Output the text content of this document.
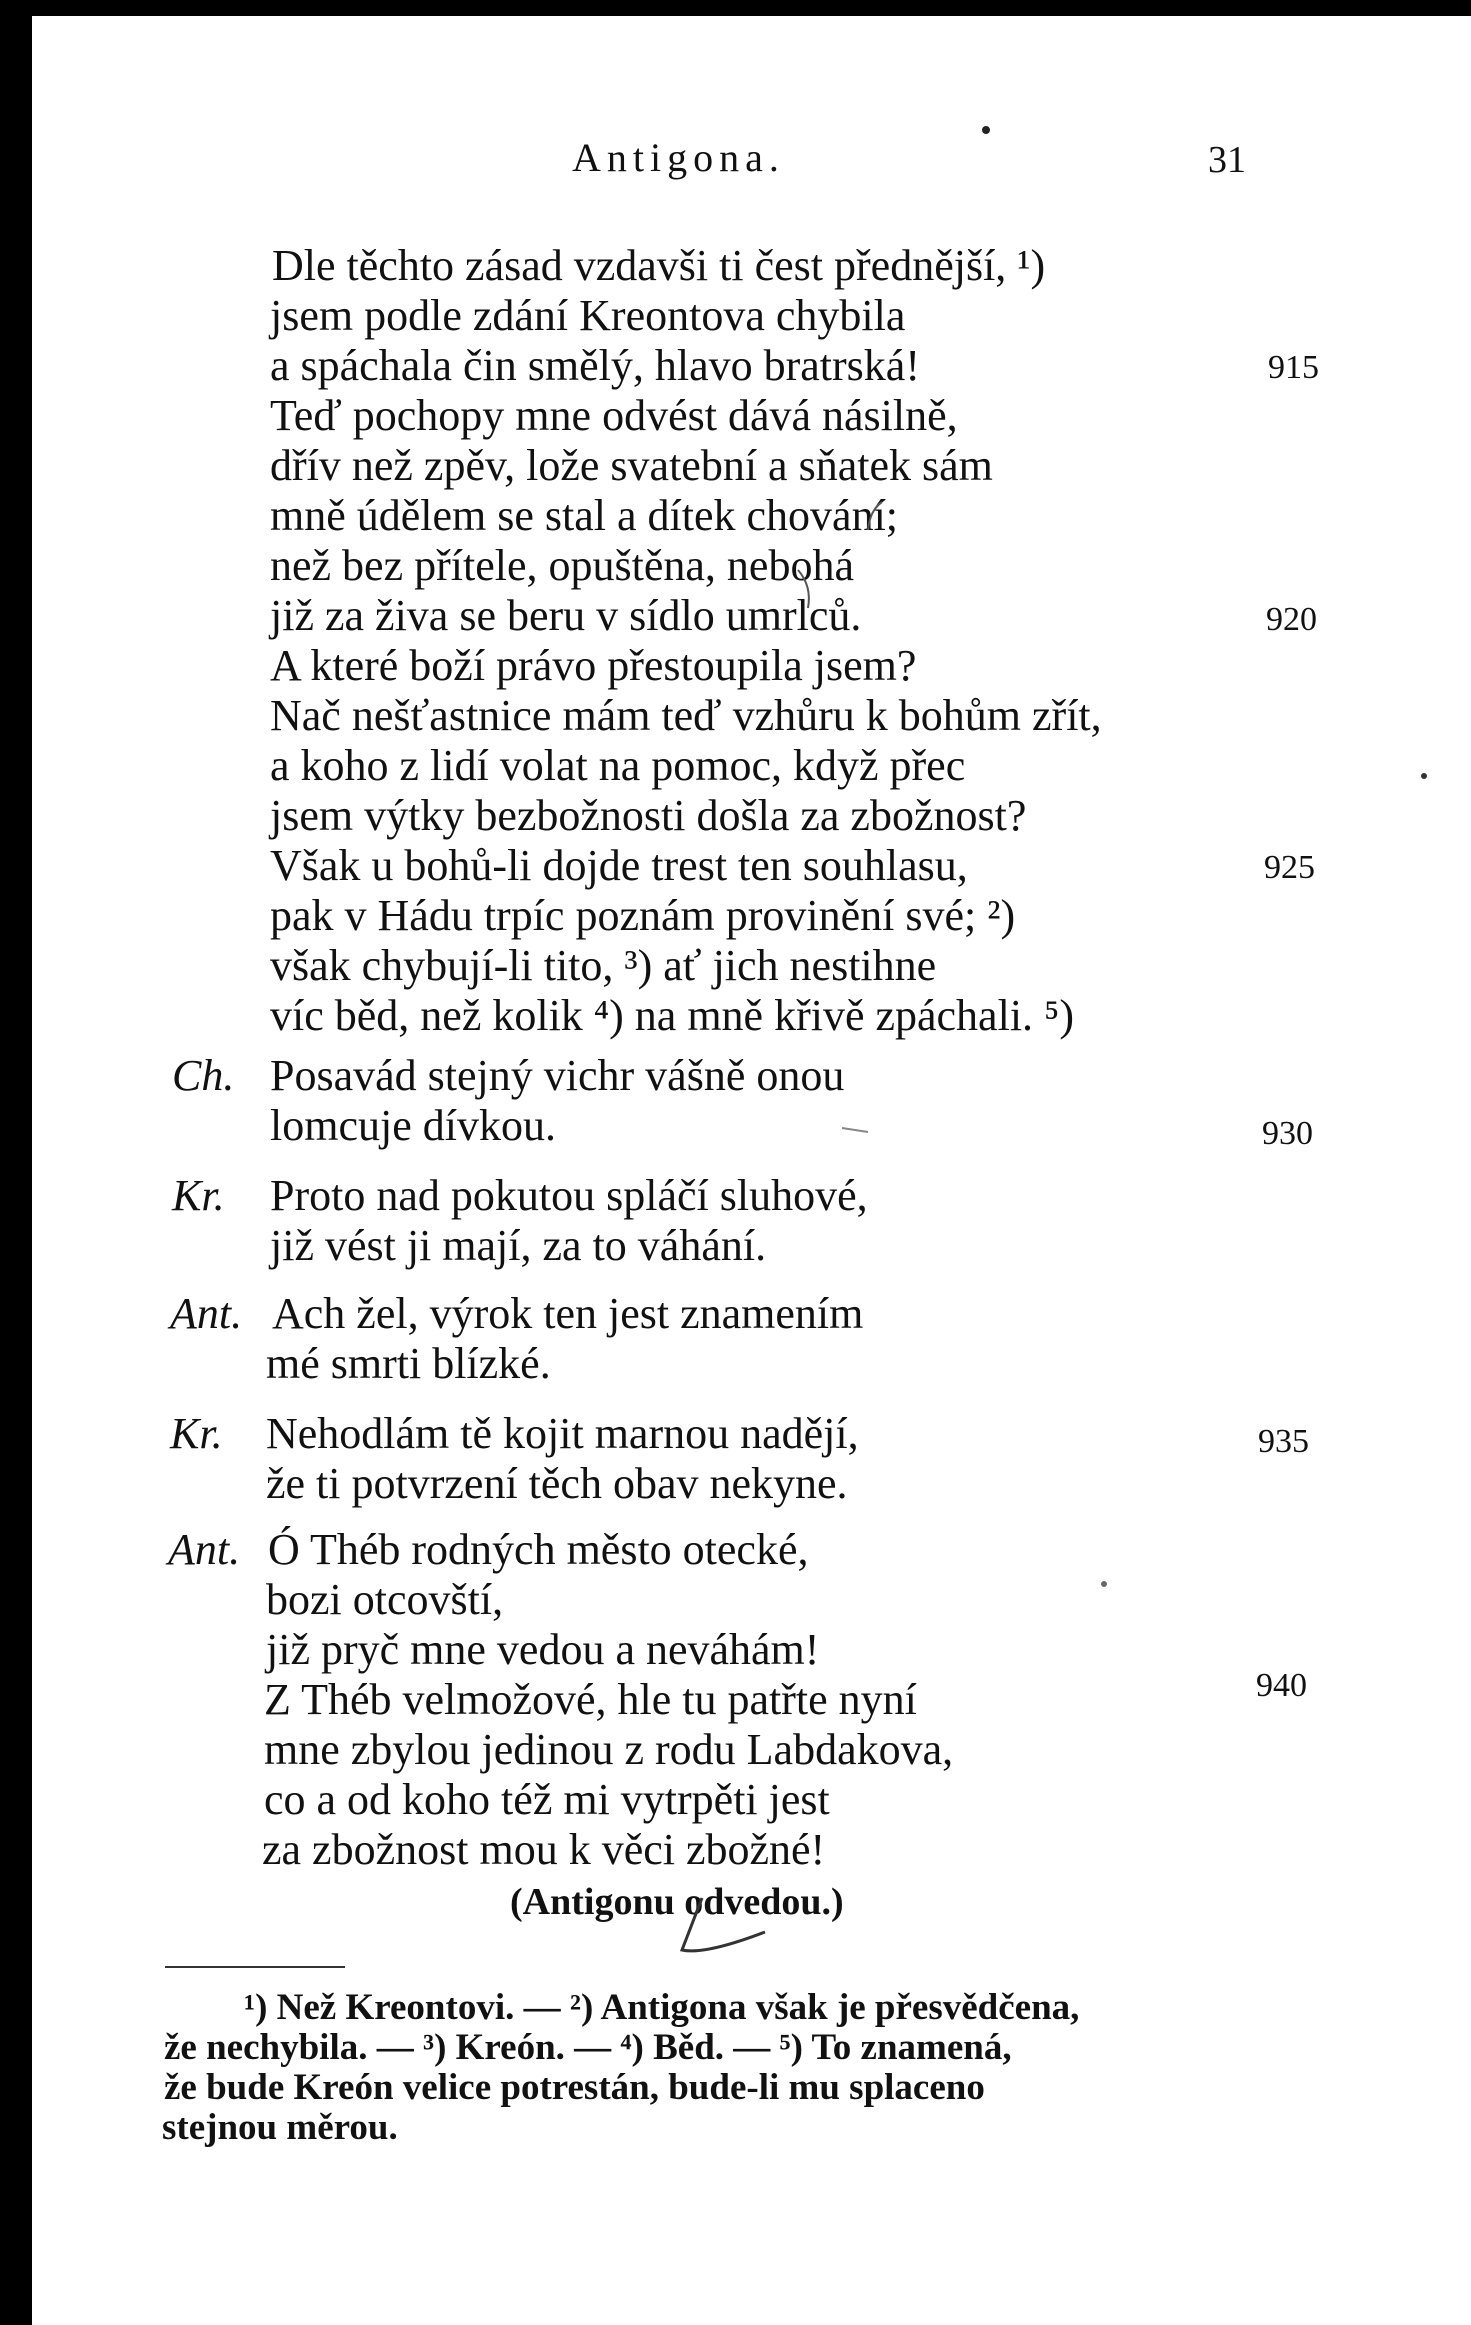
Antigona.	31
Dle těchto zásad vzdavši ti čest přednější, ¹)
jsem podle zdání Kreontova chybila
a spáchala čin smělý, hlavo bratrská!
Teď pochopy mne odvést dává násilně,
dřív než zpěv, lože svatební a sňatek sám
mně údělem se stal a dítek chování;
než bez přítele, opuštěna, nebohá
již za živa se beru v sídlo umrlců.
A které boží právo přestoupila jsem?
Nač nešťastnice mám teď vzhůru k bohům zřít,
a koho z lidí volat na pomoc, když přec
jsem výtky bezbožnosti došla za zbožnost?
Však u bohů-li dojde trest ten souhlasu,
pak v Hádu trpíc poznám provinění své; ²)
však chybují-li tito, ³) ať jich nestihne
víc běd, než kolik ⁴) na mně křivě zpáchali. ⁵)
Ch. Posavád stejný vichr vášně onou
lomcuje dívkou.
Kr. Proto nad pokutou spláčí sluhové,
již vést ji mají, za to váhání.
Ant. Ach žel, výrok ten jest znamením
mé smrti blízké.
Kr. Nehodlám tě kojit marnou nadějí,
že ti potvrzení těch obav nekyne.
Ant. Ó Théb rodných město otecké,
bozi otcovští,
již pryč mne vedou a neváhám!
Z Théb velmožové, hle tu patřte nyní
mne zbylou jedinou z rodu Labdakova,
co a od koho též mi vytrpěti jest
za zbožnost mou k věci zbožné!
(Antigonu odvedou.)
915
920
925
930
935
940
¹) Než Kreontovi. — ²) Antigona však je přesvědčena,
že nechybila. — ³) Kreón. — ⁴) Běd. — ⁵) To znamená,
že bude Kreón velice potrestán, bude-li mu splaceno
stejnou měrou.
